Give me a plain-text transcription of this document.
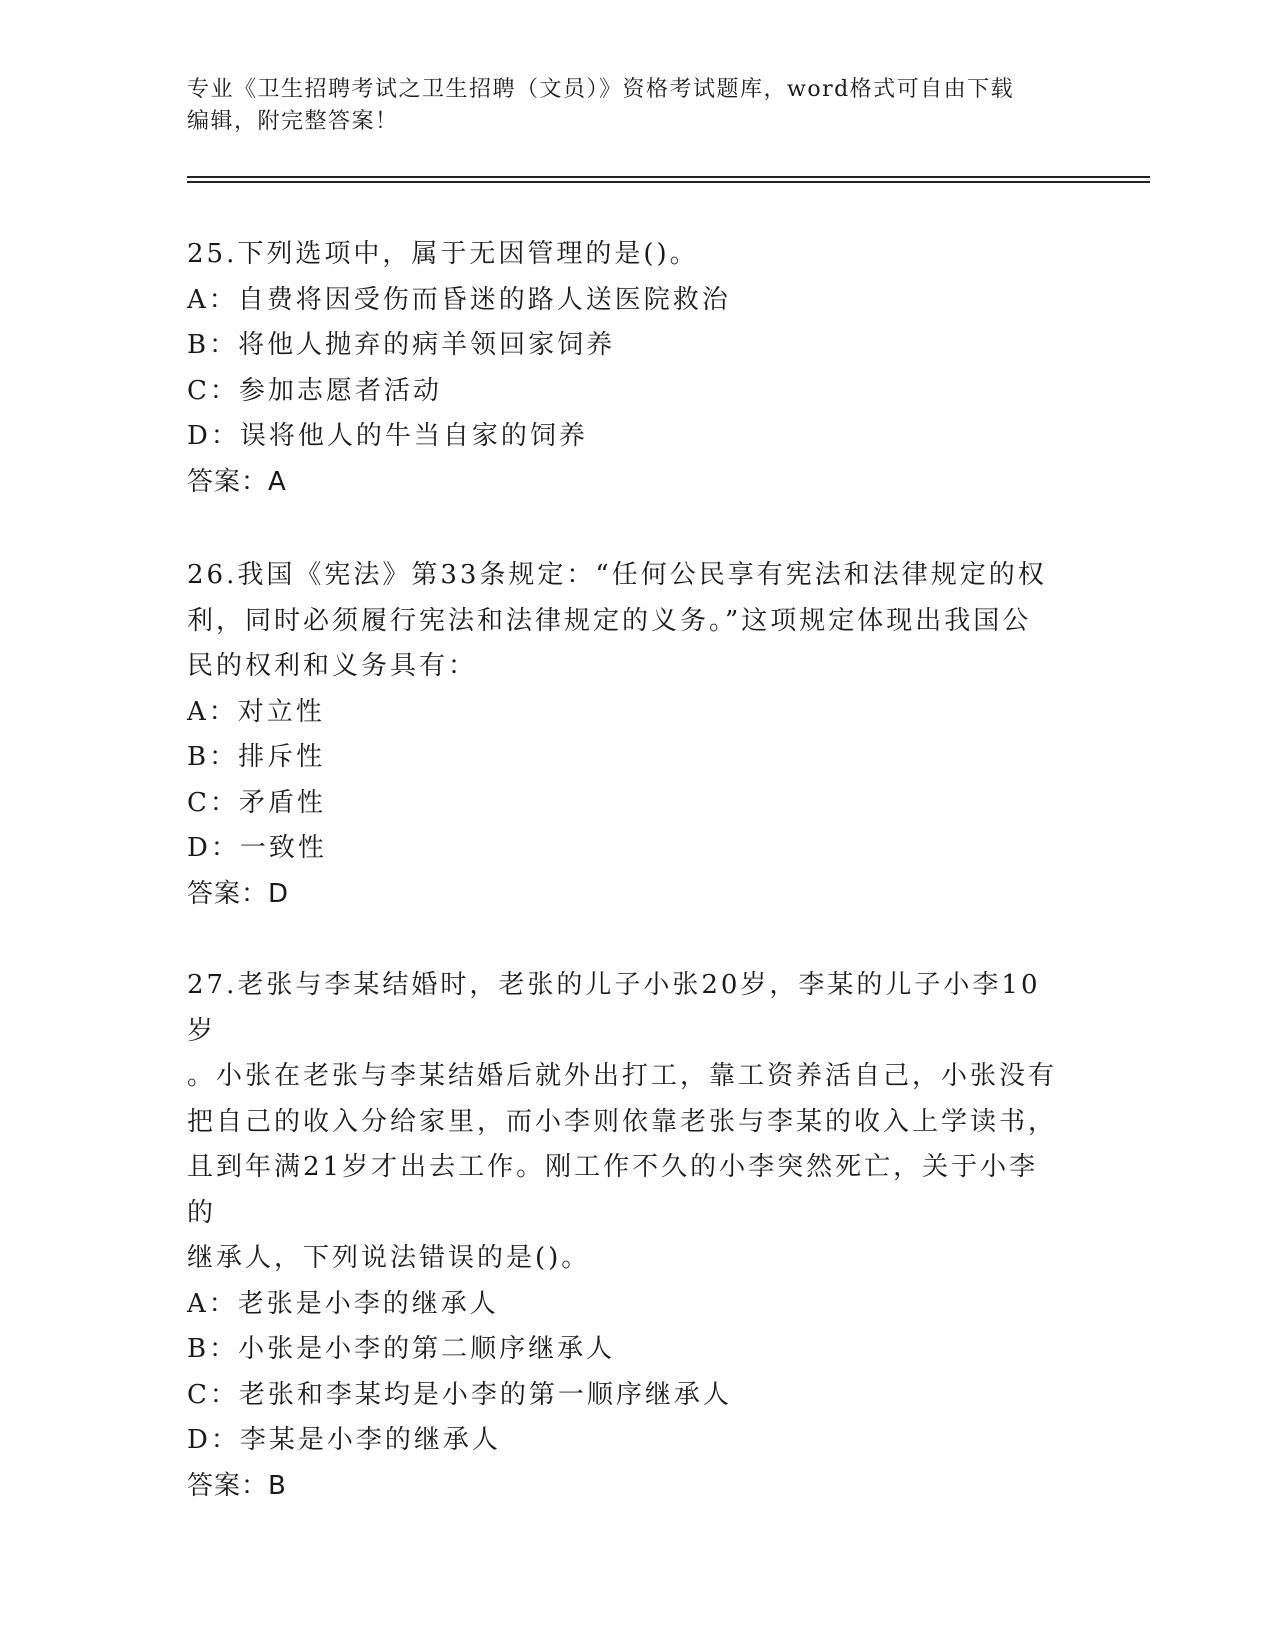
专业《卫生招聘考试之卫生招聘（文员）》资格考试题库，word格式可自由下载
编辑，附完整答案！

25.下列选项中，属于无因管理的是()。

A：自费将因受伤而昏迷的路人送医院救治

B：将他人抛弃的病羊领回家饲养

C：参加志愿者活动

D：误将他人的牛当自家的饲养

答案：A

26.我国《宪法》第33条规定：“任何公民享有宪法和法律规定的权

利，同时必须履行宪法和法律规定的义务。”这项规定体现出我国公

民的权利和义务具有：

A：对立性

B：排斥性

C：矛盾性

D：一致性

答案：D

27.老张与李某结婚时，老张的儿子小张20岁，李某的儿子小李10岁

。小张在老张与李某结婚后就外出打工，靠工资养活自己，小张没有

把自己的收入分给家里，而小李则依靠老张与李某的收入上学读书，

且到年满21岁才出去工作。刚工作不久的小李突然死亡，关于小李的

继承人，下列说法错误的是()。

A：老张是小李的继承人

B：小张是小李的第二顺序继承人

C：老张和李某均是小李的第一顺序继承人

D：李某是小李的继承人

答案：B
